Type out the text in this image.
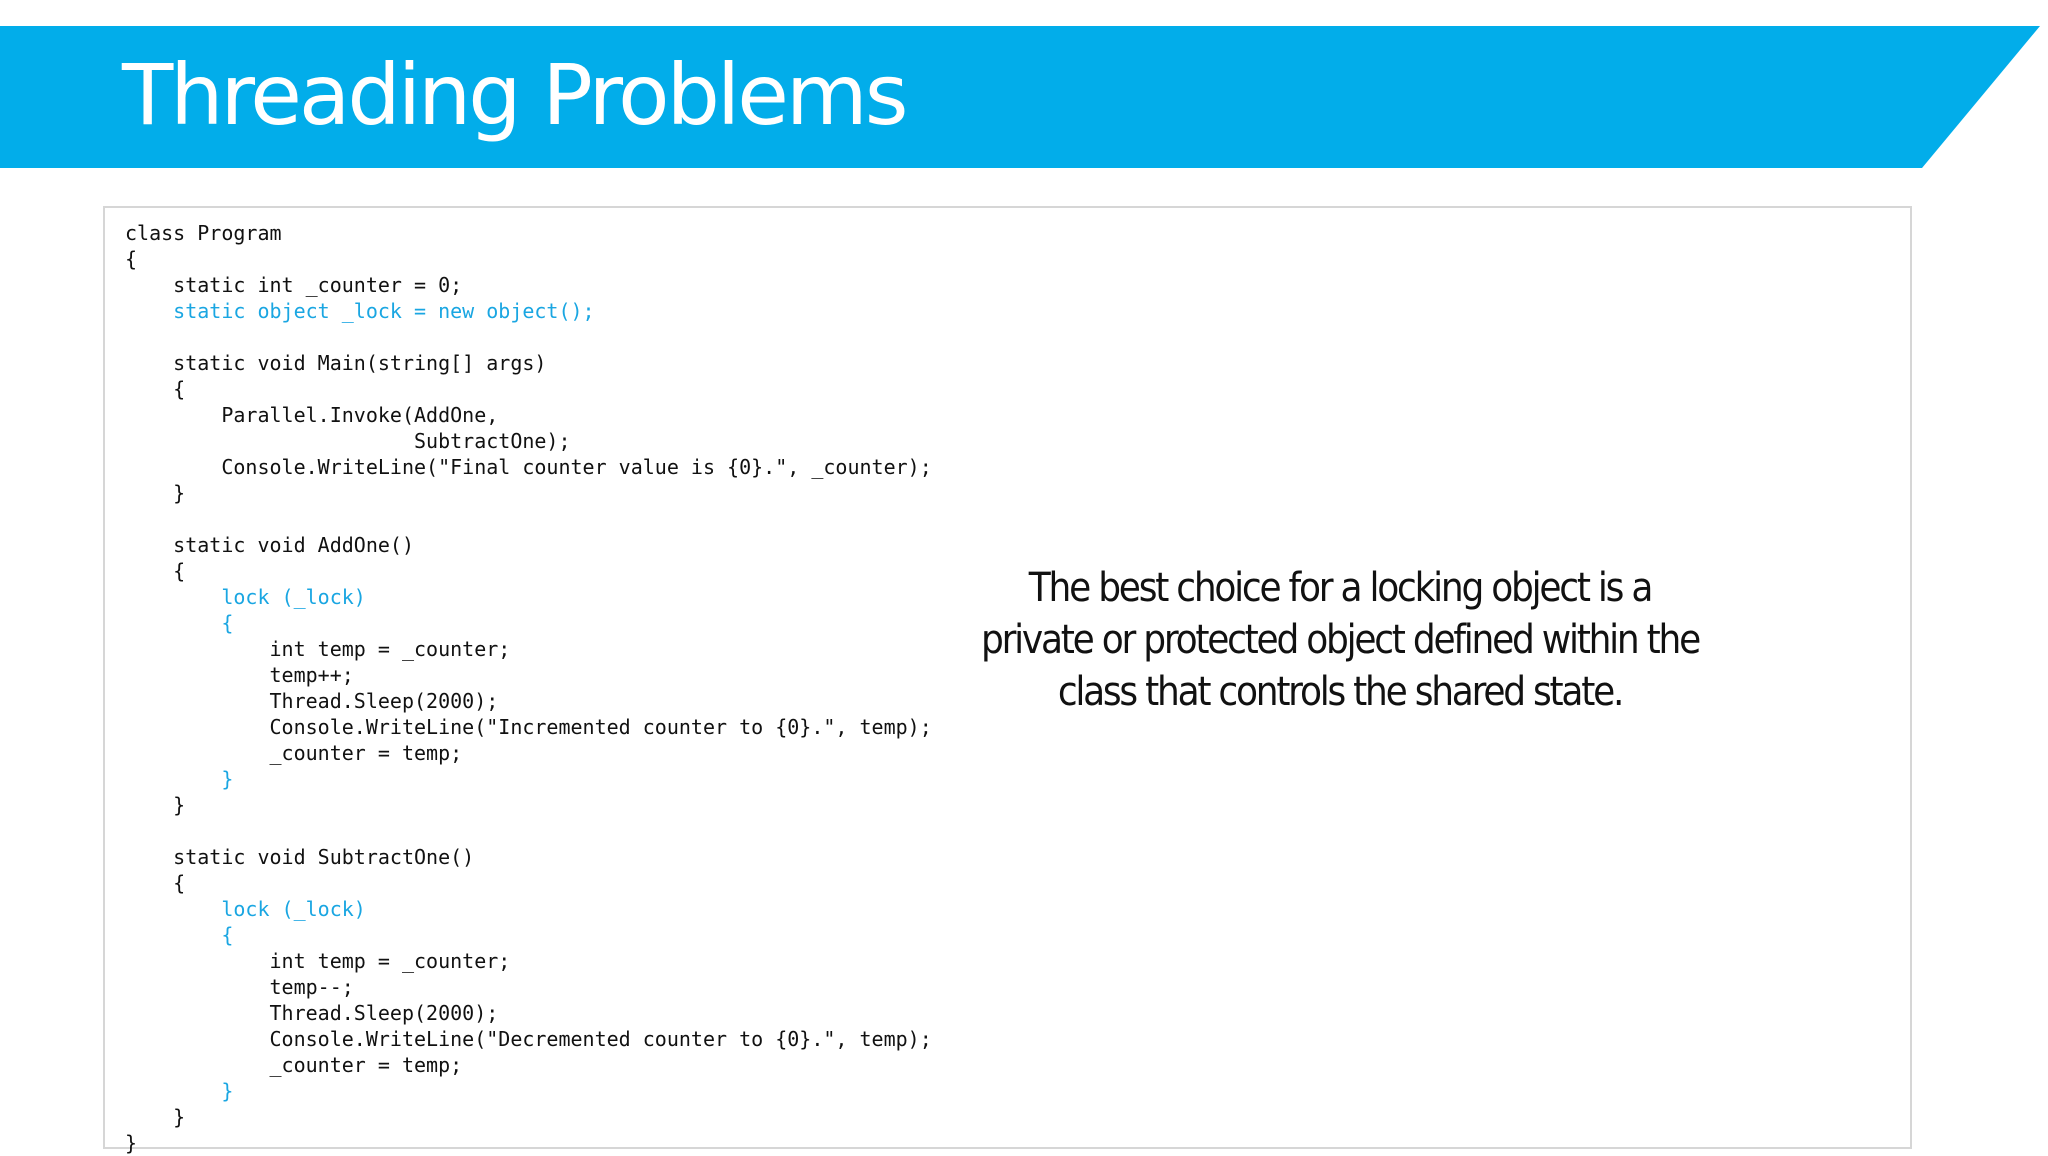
Threading Problems
class Program
{
static int _counter = 0;
static object _lock = new object();
static void Main(string[] args)
{
Parallel.Invoke(AddOne,
SubtractOne);
Console.WriteLine("Final counter value is {0}.", _counter);
}
static void AddOne()
{
lock (_lock)
{
int temp = _counter;
temp++;
Thread.Sleep(2000);
Console.WriteLine("Incremented counter to {0}.", temp);
_counter = temp;
}
}
static void SubtractOne()
{
lock (_lock)
{
int temp = _counter;
temp--;
Thread.Sleep(2000);
Console.WriteLine("Decremented counter to {0}.", temp);
_counter = temp;
}
}
}

The best choice for a locking object is a private or protected object defined within the class that controls the shared state.
